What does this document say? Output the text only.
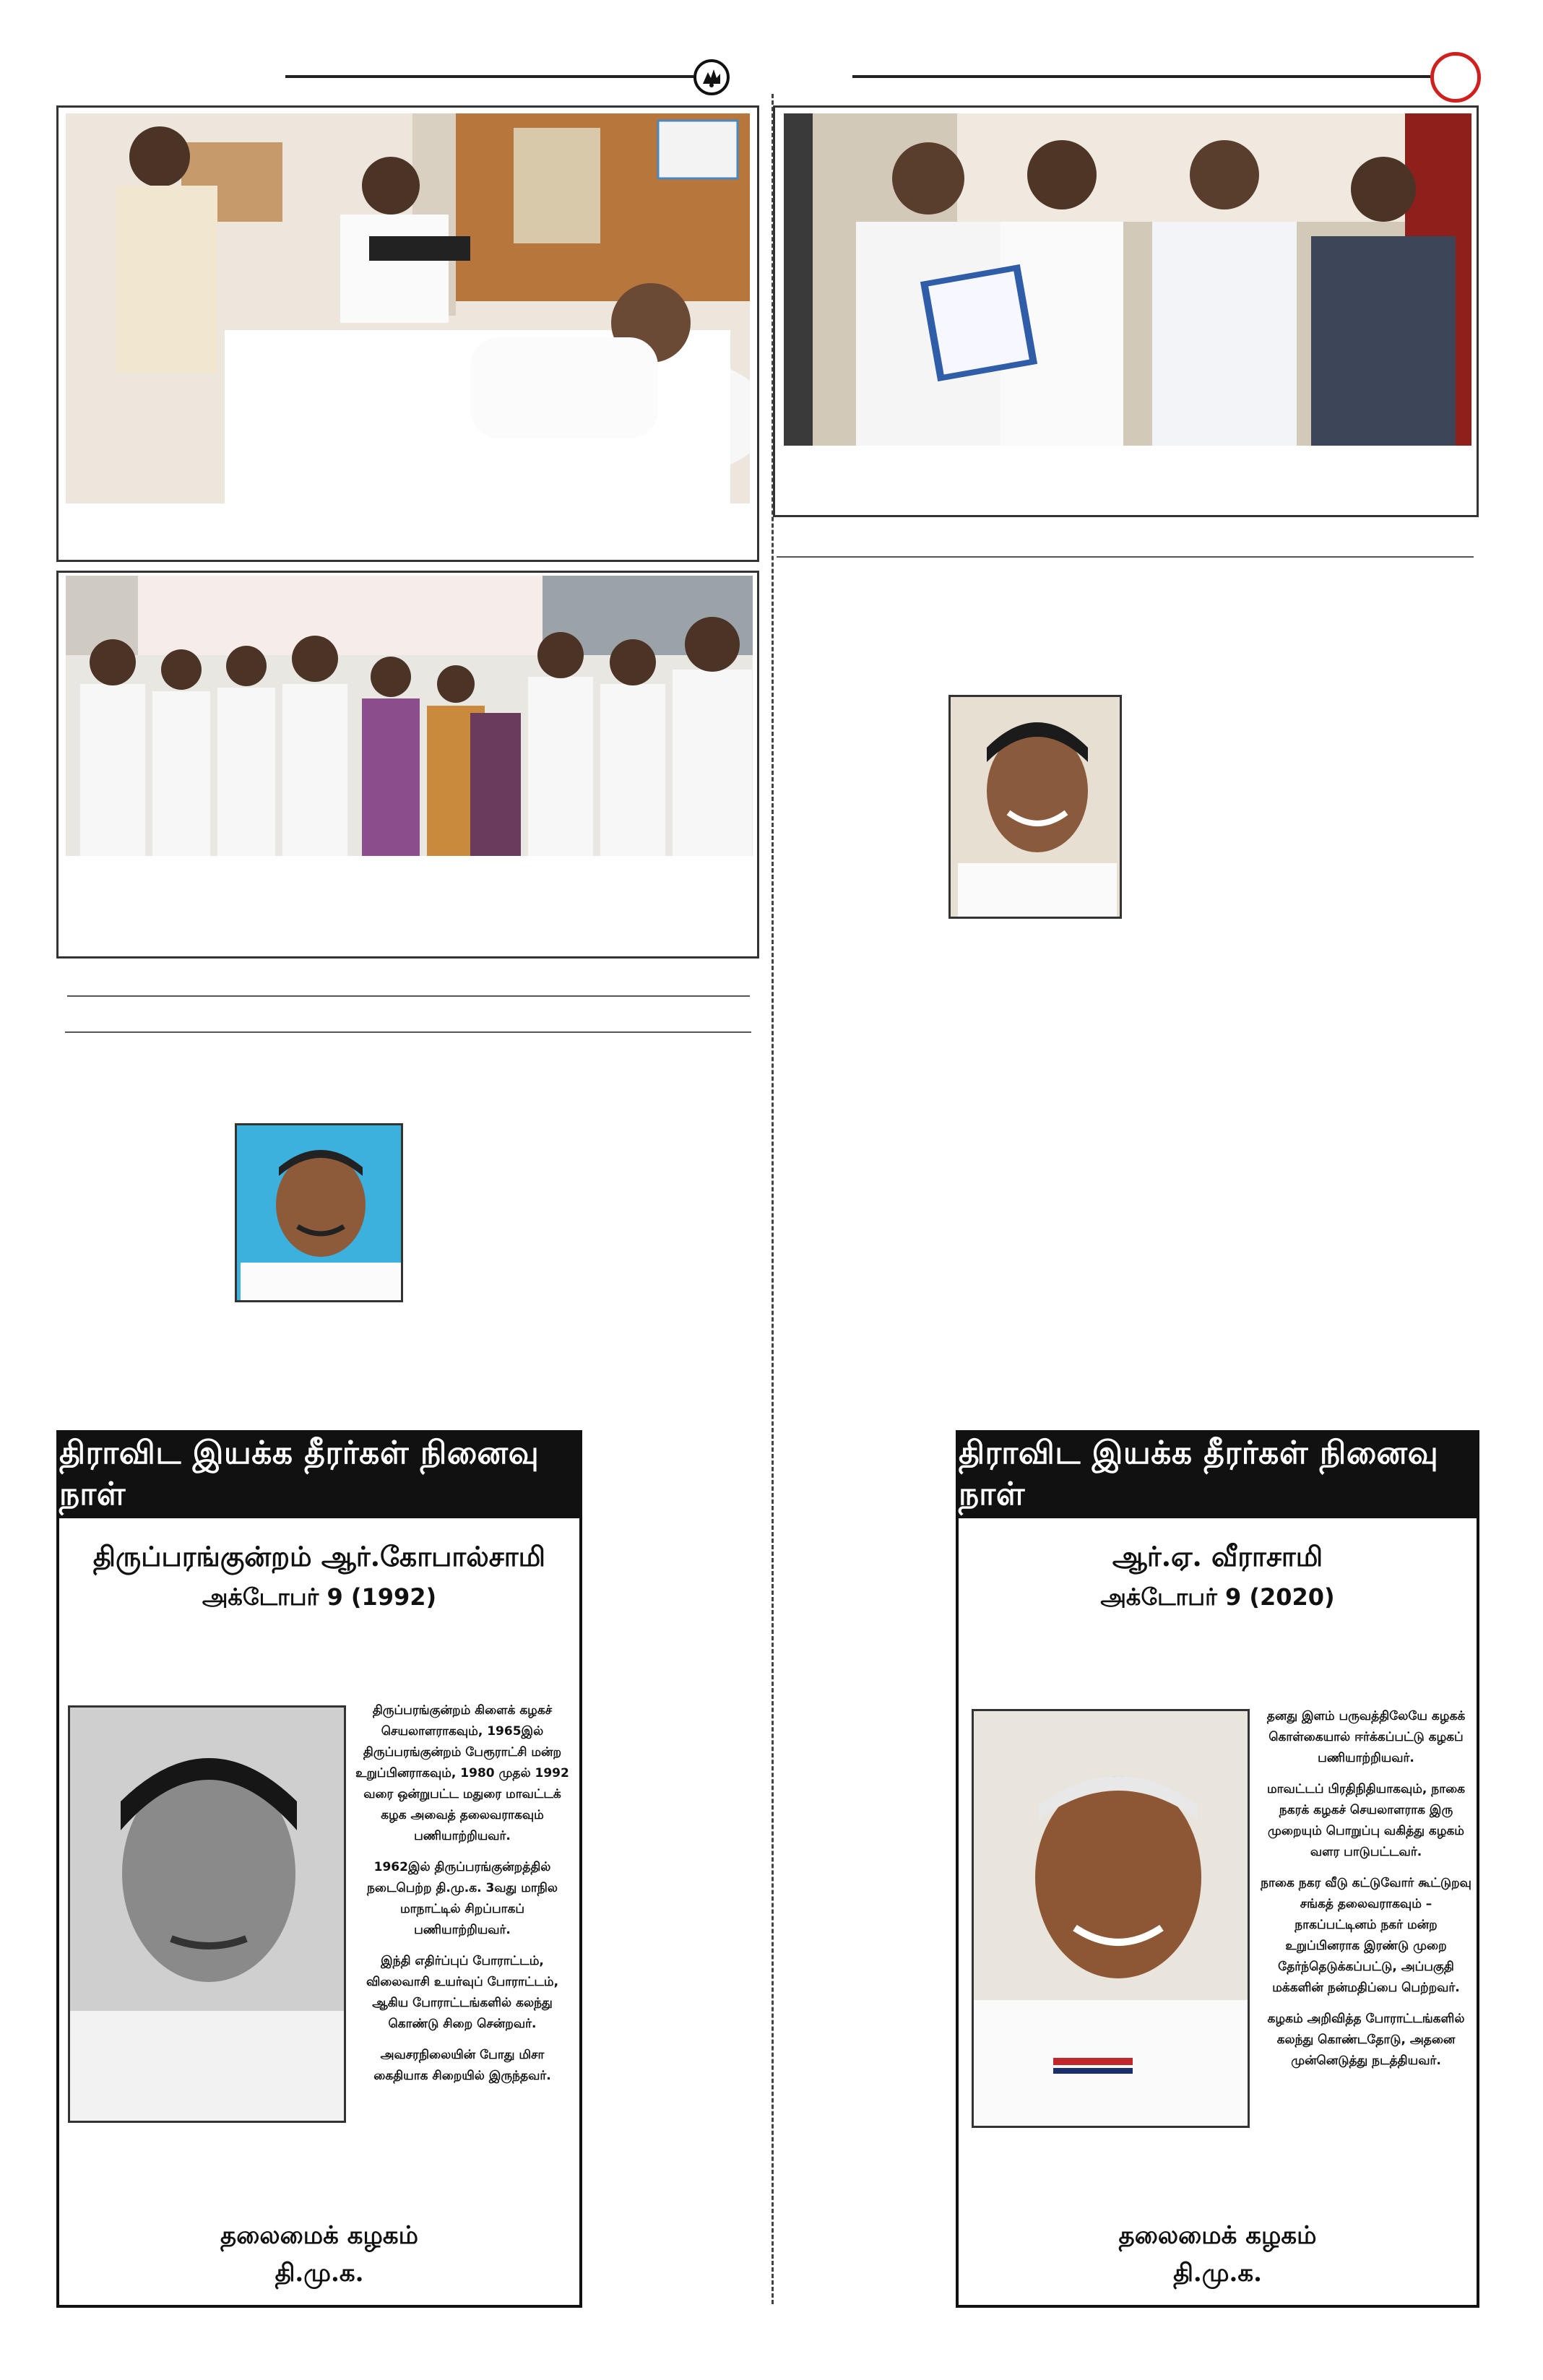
திராவிட இயக்க தீரர்கள் நினைவு நாள்
திருப்பரங்குன்றம் ஆர்.கோபால்சாமி
அக்டோபர் 9 (1992)

திருப்பரங்குன்றம் கிளைக் கழகச் செயலாளராகவும், 1965இல் திருப்பரங்குன்றம் பேரூராட்சி மன்ற உறுப்பினராகவும், 1980 முதல் 1992 வரை ஒன்றுபட்ட மதுரை மாவட்டக் கழக அவைத் தலைவராகவும் பணியாற்றியவர்.

1962இல் திருப்பரங்குன்றத்தில் நடைபெற்ற தி.மு.க. 3வது மாநில மாநாட்டில் சிறப்பாகப் பணியாற்றியவர்.

இந்தி எதிர்ப்புப் போராட்டம், விலைவாசி உயர்வுப் போராட்டம், ஆகிய போராட்டங்களில் கலந்து கொண்டு சிறை சென்றவர்.

அவசரநிலையின் போது மிசா கைதியாக சிறையில் இருந்தவர்.

தலைமைக் கழகம்
தி.மு.க.
திராவிட இயக்க தீரர்கள் நினைவு நாள்
ஆர்.ஏ. வீராசாமி
அக்டோபர் 9 (2020)

தனது இளம் பருவத்திலேயே கழகக் கொள்கையால் ஈர்க்கப்பட்டு கழகப் பணியாற்றியவர்.

மாவட்டப் பிரதிநிதியாகவும், நாகை நகரக் கழகச் செயலாளராக இரு முறையும் பொறுப்பு வகித்து கழகம் வளர பாடுபட்டவர்.

நாகை நகர வீடு கட்டுவோர் கூட்டுறவு சங்கத் தலைவராகவும் – நாகப்பட்டினம் நகர் மன்ற உறுப்பினராக இரண்டு முறை தேர்ந்தெடுக்கப்பட்டு, அப்பகுதி மக்களின் நன்மதிப்பை பெற்றவர்.

கழகம் அறிவித்த போராட்டங்களில் கலந்து கொண்டதோடு, அதனை முன்னெடுத்து நடத்தியவர்.

தலைமைக் கழகம்
தி.மு.க.
